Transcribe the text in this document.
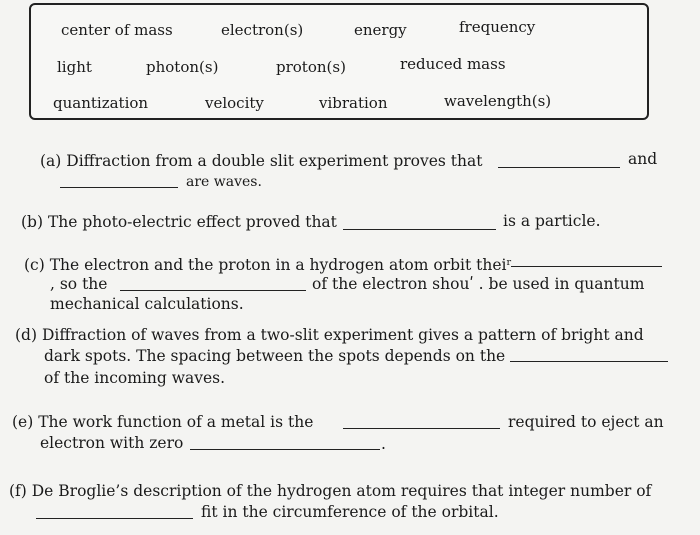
center of mass	electron(s)	energy	frequency
light	photon(s)	proton(s)	reduced mass
quantization	velocity	vibration	wavelength(s)
(a) Diffraction from a double slit experiment proves that	and
are waves.
(b) The photo-electric effect proved that	is a particle.
(c) The electron and the proton in a hydrogen atom orbit theiʳ
, so the	of the electron shouʹ . be used in quantum
mechanical calculations.
(d) Diffraction of waves from a two-slit experiment gives a pattern of bright and
dark spots. The spacing between the spots depends on the
of the incoming waves.
(e) The work function of a metal is the	required to eject an
electron with zero	.
(f) De Broglie’s description of the hydrogen atom requires that integer number of
fit in the circumference of the orbital.
